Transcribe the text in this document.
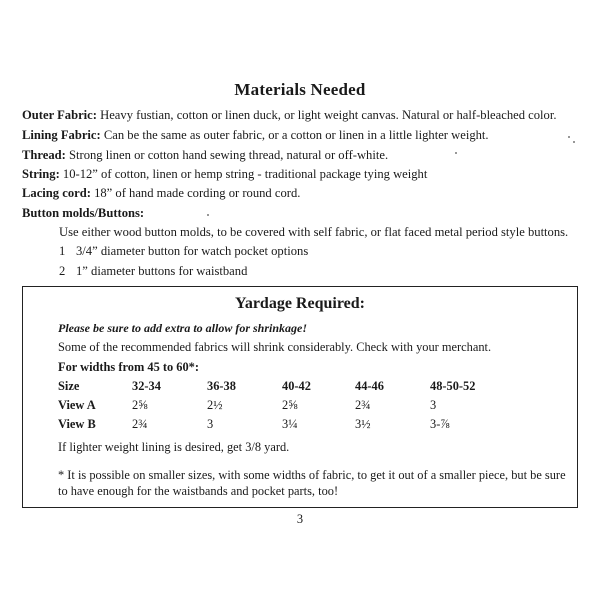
Materials Needed
Outer Fabric: Heavy fustian, cotton or linen duck, or light weight canvas. Natural or half-bleached color.
Lining Fabric: Can be the same as outer fabric, or a cotton or linen in a little lighter weight.
Thread: Strong linen or cotton hand sewing thread, natural or off-white.
String: 10-12” of cotton, linen or hemp string - traditional package tying weight
Lacing cord: 18” of hand made cording or round cord.
Button molds/Buttons:
Use either wood button molds, to be covered with self fabric, or flat faced metal period style buttons.
1 3/4” diameter button for watch pocket options
2 1” diameter buttons for waistband
Yardage Required:
Please be sure to add extra to allow for shrinkage!
Some of the recommended fabrics will shrink considerably. Check with your merchant.
For widths from 45 to 60*:
Size	32-34	36-38	40-42	44-46	48-50-52
View A	2⅝	2½	2⅝	2¾	3
View B	2¾	3	3¼	3½	3-⅞
If lighter weight lining is desired, get 3/8 yard.
* It is possible on smaller sizes, with some widths of fabric, to get it out of a smaller piece, but be sure to have enough for the waistbands and pocket parts, too!
3
